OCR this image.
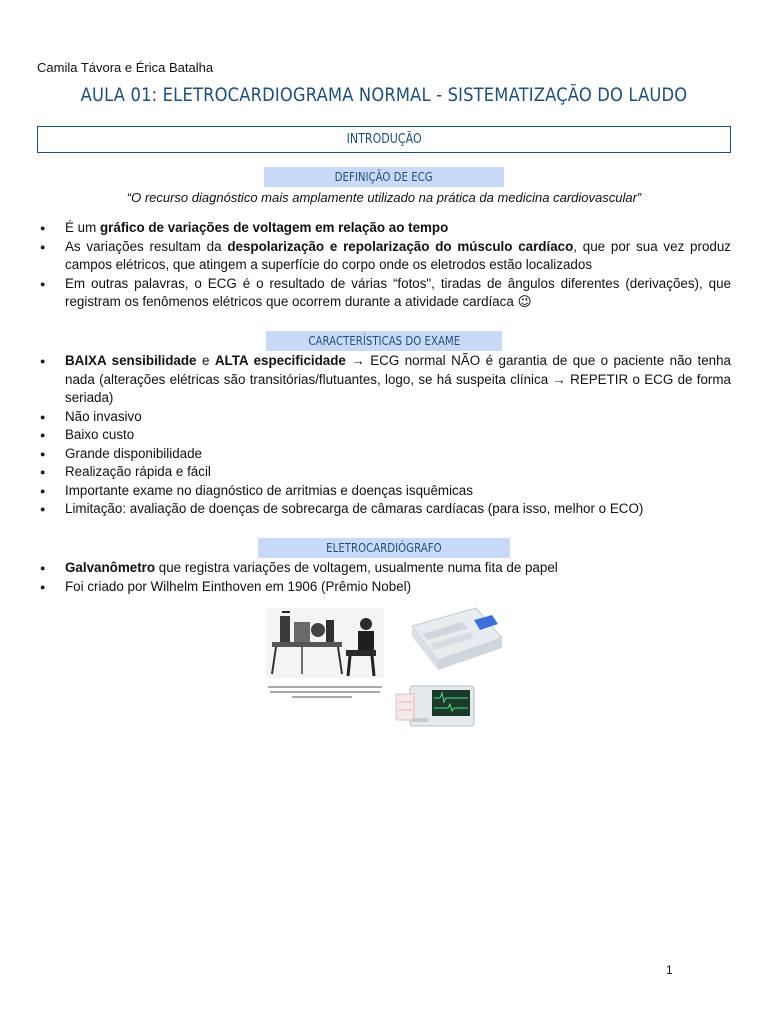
Camila Távora e Érica Batalha
AULA 01: ELETROCARDIOGRAMA NORMAL - SISTEMATIZAÇÃO DO LAUDO
INTRODUÇÃO
DEFINIÇÃO DE ECG
“O recurso diagnóstico mais amplamente utilizado na prática da medicina cardiovascular”
● É um gráfico de variações de voltagem em relação ao tempo
● As variações resultam da despolarização e repolarização do músculo cardíaco, que por sua vez produz campos elétricos, que atingem a superfície do corpo onde os eletrodos estão localizados
● Em outras palavras, o ECG é o resultado de várias “fotos", tiradas de ângulos diferentes (derivações), que registram os fenômenos elétricos que ocorrem durante a atividade cardíaca 😉
CARACTERÍSTICAS DO EXAME
● BAIXA sensibilidade e ALTA especificidade → ECG normal NÃO é garantia de que o paciente não tenha nada (alterações elétricas são transitórias/flutuantes, logo, se há suspeita clínica → REPETIR o ECG de forma seriada)
● Não invasivo
● Baixo custo
● Grande disponibilidade
● Realização rápida e fácil
● Importante exame no diagnóstico de arritmias e doenças isquêmicas
● Limitação: avaliação de doenças de sobrecarga de câmaras cardíacas (para isso, melhor o ECO)
ELETROCARDIÓGRAFO
● Galvanômetro que registra variações de voltagem, usualmente numa fita de papel
● Foi criado por Wilhelm Einthoven em 1906 (Prêmio Nobel)
1
